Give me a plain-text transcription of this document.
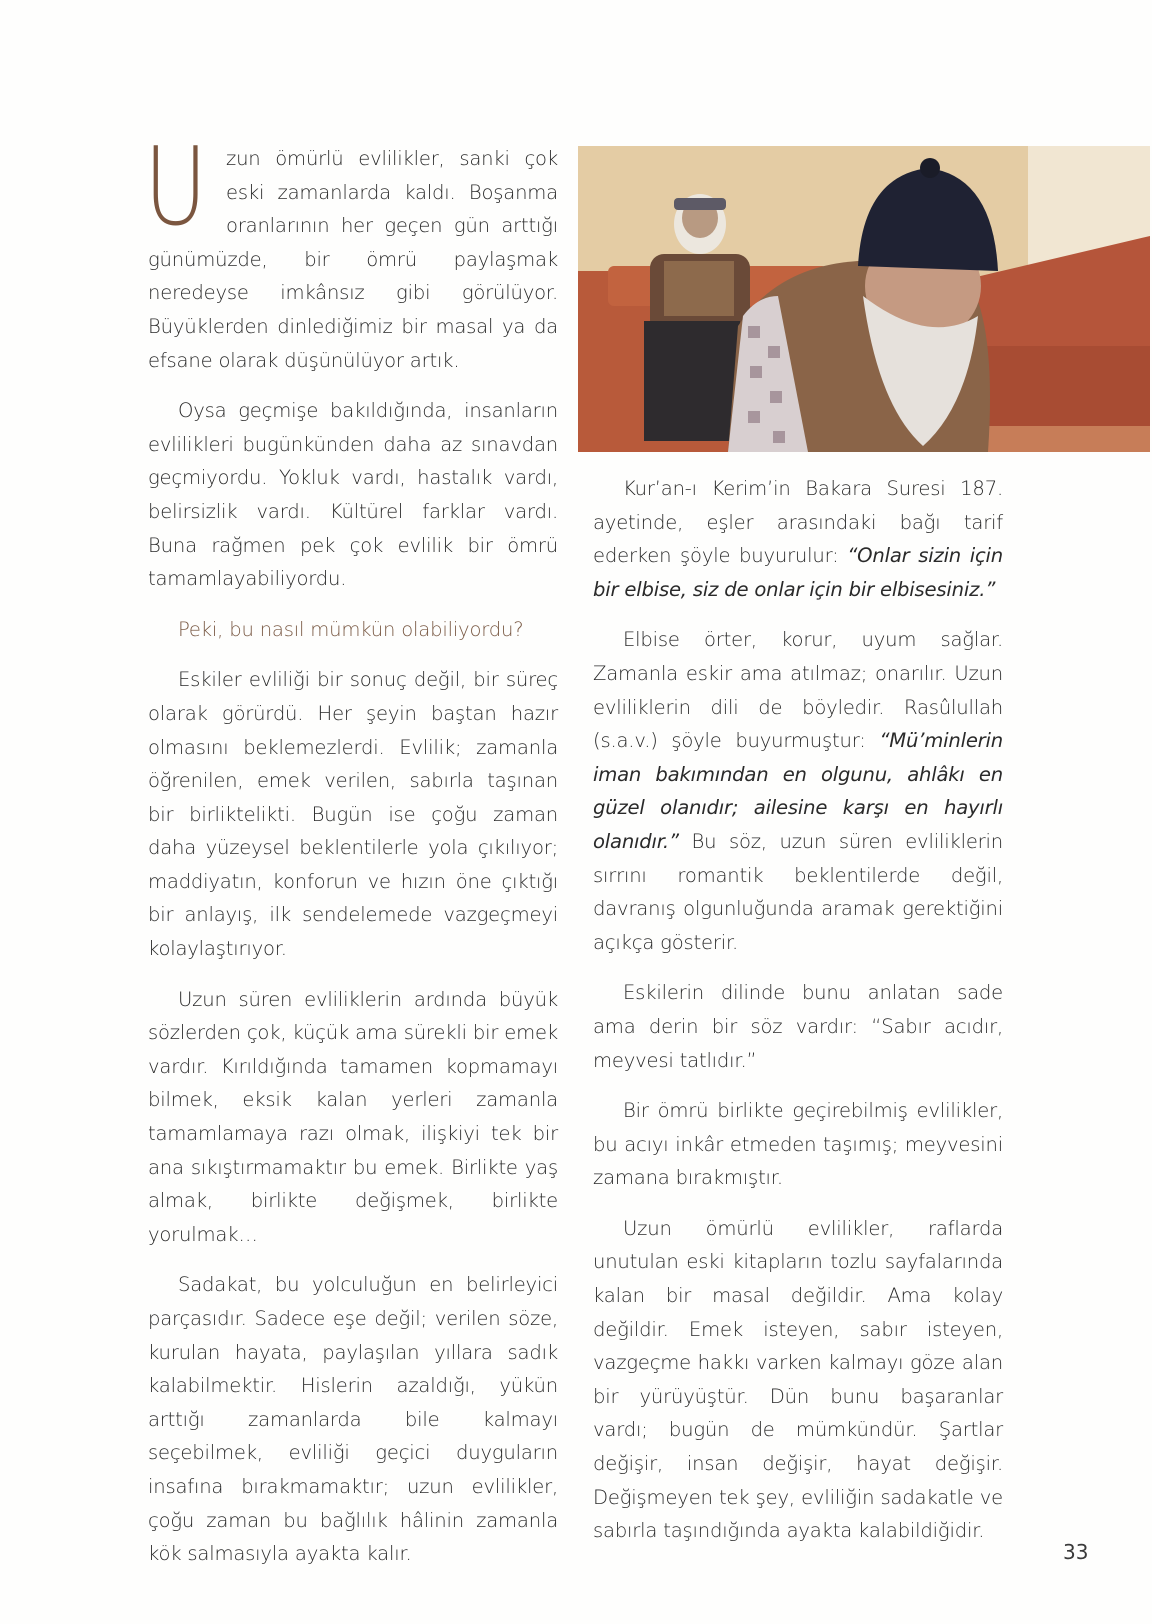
Uzun ömürlü evlilikler, sanki çok eski zamanlarda kaldı. Boşanma oranlarının her geçen gün arttığı günümüzde, bir ömrü paylaşmak neredeyse imkânsız gibi görülüyor. Büyüklerden dinlediğimiz bir masal ya da efsane olarak düşünülüyor artık.

Oysa geçmişe bakıldığında, insanların evlilikleri bugünkünden daha az sınavdan geçmiyordu. Yokluk vardı, hastalık vardı, belirsizlik vardı. Kültürel farklar vardı. Buna rağmen pek çok evlilik bir ömrü tamamlayabiliyordu.

Peki, bu nasıl mümkün olabiliyordu?

Eskiler evliliği bir sonuç değil, bir süreç olarak görürdü. Her şeyin baştan hazır olmasını beklemezlerdi. Evlilik; zamanla öğrenilen, emek verilen, sabırla taşınan bir birliktelikti. Bugün ise çoğu zaman daha yüzeysel beklentilerle yola çıkılıyor; maddiyatın, konforun ve hızın öne çıktığı bir anlayış, ilk sendelemede vazgeçmeyi kolaylaştırıyor.

Uzun süren evliliklerin ardında büyük sözlerden çok, küçük ama sürekli bir emek vardır. Kırıldığında tamamen kopmamayı bilmek, eksik kalan yerleri zamanla tamamlamaya razı olmak, ilişkiyi tek bir ana sıkıştırmamaktır bu emek. Birlikte yaş almak, birlikte değişmek, birlikte yorulmak…

Sadakat, bu yolculuğun en belirleyici parçasıdır. Sadece eşe değil; verilen söze, kurulan hayata, paylaşılan yıllara sadık kalabilmektir. Hislerin azaldığı, yükün arttığı zamanlarda bile kalmayı seçebilmek, evliliği geçici duyguların insafına bırakmamaktır; uzun evlilikler, çoğu zaman bu bağlılık hâlinin zamanla kök salmasıyla ayakta kalır.

Kur’an-ı Kerim’in Bakara Suresi 187. ayetinde, eşler arasındaki bağı tarif ederken şöyle buyurulur: “Onlar sizin için bir elbise, siz de onlar için bir elbisesiniz.”

Elbise örter, korur, uyum sağlar. Zamanla eskir ama atılmaz; onarılır. Uzun evliliklerin dili de böyledir. Rasûlullah (s.a.v.) şöyle buyurmuştur: “Mü’minlerin iman bakımından en olgunu, ahlâkı en güzel olanıdır; ailesine karşı en hayırlı olanıdır.” Bu söz, uzun süren evliliklerin sırrını romantik beklentilerde değil, davranış olgunluğunda aramak gerektiğini açıkça gösterir.

Eskilerin dilinde bunu anlatan sade ama derin bir söz vardır: “Sabır acıdır, meyvesi tatlıdır.”

Bir ömrü birlikte geçirebilmiş evlilikler, bu acıyı inkâr etmeden taşımış; meyvesini zamana bırakmıştır.

Uzun ömürlü evlilikler, raflarda unutulan eski kitapların tozlu sayfalarında kalan bir masal değildir. Ama kolay değildir. Emek isteyen, sabır isteyen, vazgeçme hakkı varken kalmayı göze alan bir yürüyüştür. Dün bunu başaranlar vardı; bugün de mümkündür. Şartlar değişir, insan değişir, hayat değişir. Değişmeyen tek şey, evliliğin sadakatle ve sabırla taşındığında ayakta kalabildiğidir.

33
